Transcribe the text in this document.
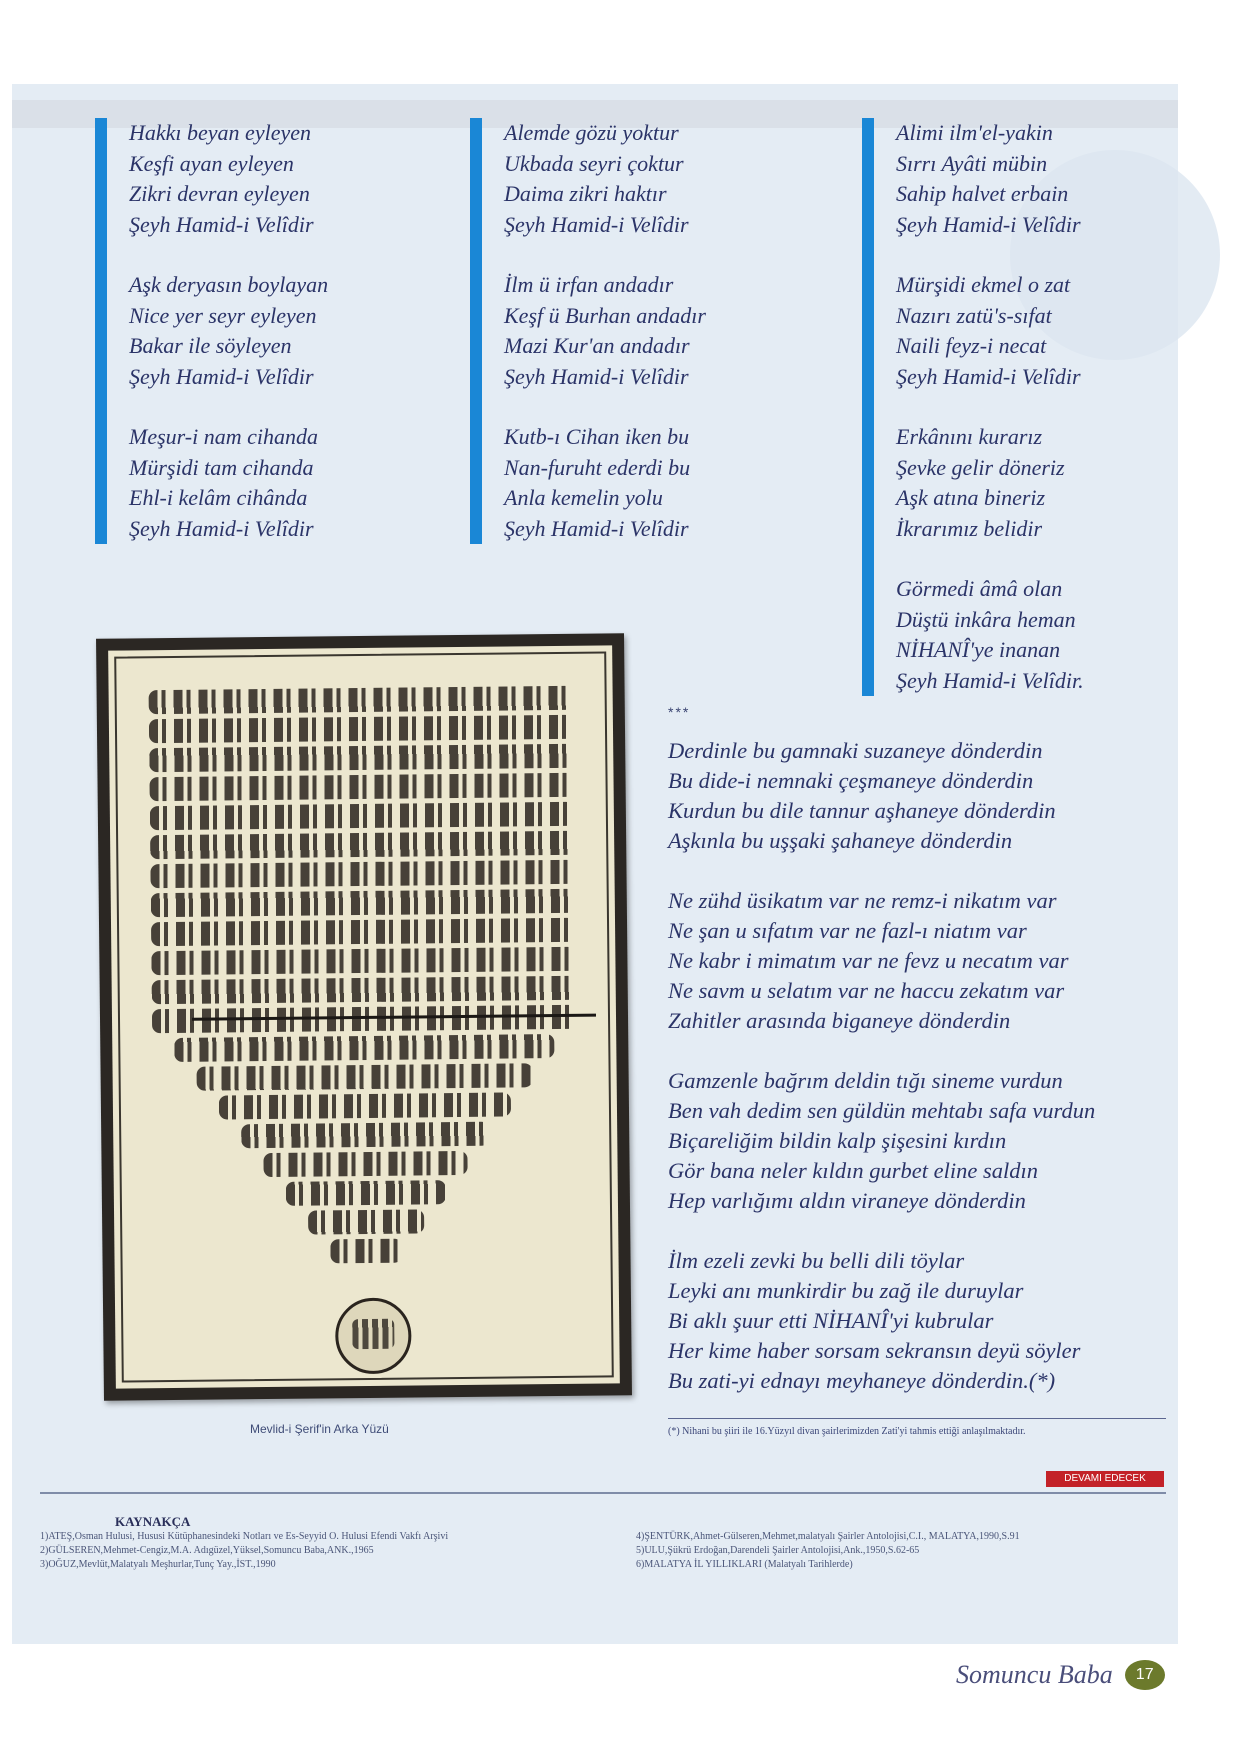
Hakkı beyan eyleyen
Keşfi ayan eyleyen
Zikri devran eyleyen
Şeyh Hamid-i Velîdir
Aşk deryasın boylayan
Nice yer seyr eyleyen
Bakar ile söyleyen
Şeyh Hamid-i Velîdir
Meşur-i nam cihanda
Mürşidi tam cihanda
Ehl-i kelâm cihânda
Şeyh Hamid-i Velîdir
Alemde gözü yoktur
Ukbada seyri çoktur
Daima zikri haktır
Şeyh Hamid-i Velîdir
İlm ü irfan andadır
Keşf ü Burhan andadır
Mazi Kur'an andadır
Şeyh Hamid-i Velîdir
Kutb-ı Cihan iken bu
Nan-furuht ederdi bu
Anla kemelin yolu
Şeyh Hamid-i Velîdir
Alimi ilm'el-yakin
Sırrı Ayâti mübin
Sahip halvet erbain
Şeyh Hamid-i Velîdir
Mürşidi ekmel o zat
Nazırı zatü's-sıfat
Naili feyz-i necat
Şeyh Hamid-i Velîdir
Erkânını kurarız
Şevke gelir döneriz
Aşk atına bineriz
İkrarımız belidir
Görmedi âmâ olan
Düştü inkâra heman
NİHANÎ'ye inanan
Şeyh Hamid-i Velîdir.
Mevlid-i Şerif'in Arka Yüzü
***
Derdinle bu gamnaki suzaneye dönderdin
Bu dide-i nemnaki çeşmaneye dönderdin
Kurdun bu dile tannur aşhaneye dönderdin
Aşkınla bu uşşaki şahaneye dönderdin
Ne zühd üsikatım var ne remz-i nikatım var
Ne şan u sıfatım var ne fazl-ı niatım var
Ne kabr i mimatım var ne fevz u necatım var
Ne savm u selatım var ne haccu zekatım var
Zahitler arasında biganeye dönderdin
Gamzenle bağrım deldin tığı sineme vurdun
Ben vah dedim sen güldün mehtabı safa vurdun
Biçareliğim bildin kalp şişesini kırdın
Gör bana neler kıldın gurbet eline saldın
Hep varlığımı aldın viraneye dönderdin
İlm ezeli zevki bu belli dili töylar
Leyki anı munkirdir bu zağ ile duruylar
Bi aklı şuur etti NİHANÎ'yi kubrular
Her kime haber sorsam sekransın deyü söyler
Bu zati-yi ednayı meyhaneye dönderdin.(*)
(*) Nihani bu şiiri ile 16.Yüzyıl divan şairlerimizden Zati'yi tahmis ettiği anlaşılmaktadır.
DEVAMI EDECEK
KAYNAKÇA

1)ATEŞ,Osman Hulusi, Hususi Kütüphanesindeki Notları ve Es-Seyyid O. Hulusi Efendi Vakfı Arşivi

2)GÜLSEREN,Mehmet-Cengiz,M.A. Adıgüzel,Yüksel,Somuncu Baba,ANK.,1965

3)OĞUZ,Mevlüt,Malatyalı Meşhurlar,Tunç Yay.,İST.,1990

4)ŞENTÜRK,Ahmet-Gülseren,Mehmet,malatyalı Şairler Antolojisi,C.I., MALATYA,1990,S.91

5)ULU,Şükrü Erdoğan,Darendeli Şairler Antolojisi,Ank.,1950,S.62-65

6)MALATYA İL YILLIKLARI (Malatyalı Tarihlerde)

Somuncu Baba	17
